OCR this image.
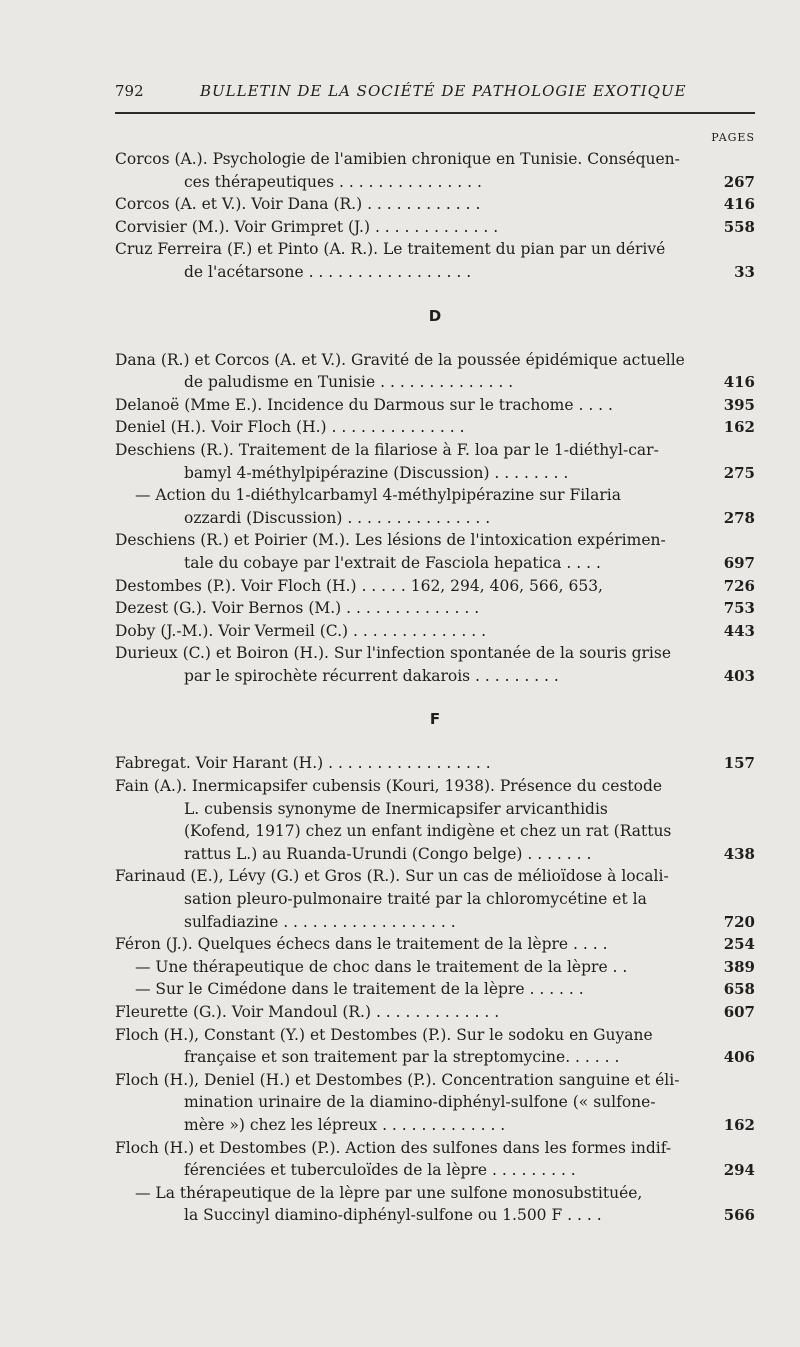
792	BULLETIN DE LA SOCIÉTÉ DE PATHOLOGIE EXOTIQUE
PAGES
Corcos (A.). Psychologie de l'amibien chronique en Tunisie. Conséquen-
ces thérapeutiques . . . . . . . . . . . . . . .	267
Corcos (A. et V.). Voir Dana (R.) . . . . . . . . . . . .	416
Corvisier (M.). Voir Grimpret (J.) . . . . . . . . . . . . .	558
Cruz Ferreira (F.) et Pinto (A. R.). Le traitement du pian par un dérivé
de l'acétarsone . . . . . . . . . . . . . . . . .	33
D
Dana (R.) et Corcos (A. et V.). Gravité de la poussée épidémique actuelle
de paludisme en Tunisie . . . . . . . . . . . . . .	416
Delanoë (Mme E.). Incidence du Darmous sur le trachome . . . .	395
Deniel (H.). Voir Floch (H.) . . . . . . . . . . . . . .	162
Deschiens (R.). Traitement de la filariose à F. loa par le 1-diéthyl-car-
bamyl 4-méthylpipérazine (Discussion) . . . . . . . .	275
— Action du 1-diéthylcarbamyl 4-méthylpipérazine sur Filaria
ozzardi (Discussion) . . . . . . . . . . . . . . .	278
Deschiens (R.) et Poirier (M.). Les lésions de l'intoxication expérimen-
tale du cobaye par l'extrait de Fasciola hepatica . . . .	697
Destombes (P.). Voir Floch (H.) . . . . . 162, 294, 406, 566, 653,	726
Dezest (G.). Voir Bernos (M.) . . . . . . . . . . . . . .	753
Doby (J.-M.). Voir Vermeil (C.) . . . . . . . . . . . . . .	443
Durieux (C.) et Boiron (H.). Sur l'infection spontanée de la souris grise
par le spirochète récurrent dakarois . . . . . . . . .	403
F
Fabregat. Voir Harant (H.) . . . . . . . . . . . . . . . . .	157
Fain (A.). Inermicapsifer cubensis (Kouri, 1938). Présence du cestode
L. cubensis synonyme de Inermicapsifer arvicanthidis
(Kofend, 1917) chez un enfant indigène et chez un rat (Rattus
rattus L.) au Ruanda-Urundi (Congo belge) . . . . . . .	438
Farinaud (E.), Lévy (G.) et Gros (R.). Sur un cas de mélioïdose à locali-
sation pleuro-pulmonaire traité par la chloromycétine et la
sulfadiazine . . . . . . . . . . . . . . . . . .	720
Féron (J.). Quelques échecs dans le traitement de la lèpre . . . .	254
— Une thérapeutique de choc dans le traitement de la lèpre . .	389
— Sur le Cimédone dans le traitement de la lèpre . . . . . .	658
Fleurette (G.). Voir Mandoul (R.) . . . . . . . . . . . . .	607
Floch (H.), Constant (Y.) et Destombes (P.). Sur le sodoku en Guyane
française et son traitement par la streptomycine. . . . . .	406
Floch (H.), Deniel (H.) et Destombes (P.). Concentration sanguine et éli-
mination urinaire de la diamino-diphényl-sulfone (« sulfone-
mère ») chez les lépreux . . . . . . . . . . . . .	162
Floch (H.) et Destombes (P.). Action des sulfones dans les formes indif-
férenciées et tuberculoïdes de la lèpre . . . . . . . . .	294
— La thérapeutique de la lèpre par une sulfone monosubstituée,
la Succinyl diamino-diphényl-sulfone ou 1.500 F . . . .	566
